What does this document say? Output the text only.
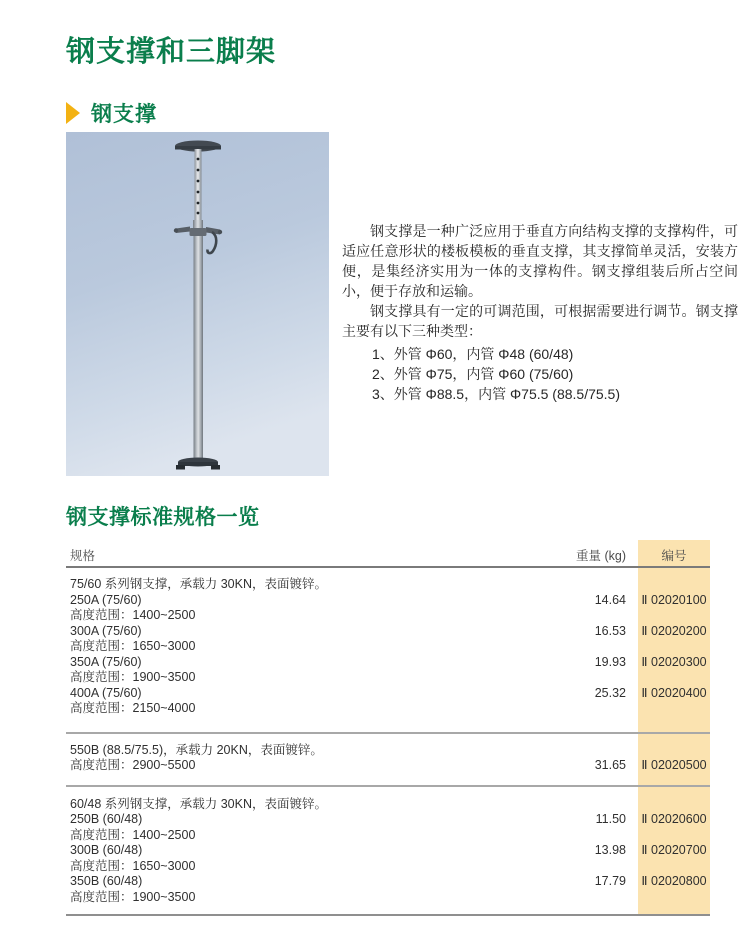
钢支撑和三脚架
钢支撑

钢支撑是一种广泛应用于垂直方向结构支撑的支撑构件，可适应任意形状的楼板模板的垂直支撑，其支撑简单灵活，安装方便，是集经济实用为一体的支撑构件。钢支撑组装后所占空间小，便于存放和运输。

钢支撑具有一定的可调范围，可根据需要进行调节。钢支撑主要有以下三种类型：

1、外管 Φ60，内管 Φ48 (60/48)
2、外管 Φ75，内管 Φ60 (75/60)
3、外管 Φ88.5，内管 Φ75.5 (88.5/75.5)
钢支撑标准规格一览
规格	重量 (kg)	编号
75/60 系列钢支撑，承载力 30KN，表面镀锌。
250A (75/60)	14.64	Ⅱ 02020100
高度范围：1400~2500
300A (75/60)	16.53	Ⅱ 02020200
高度范围：1650~3000
350A (75/60)	19.93	Ⅱ 02020300
高度范围：1900~3500
400A (75/60)	25.32	Ⅱ 02020400
高度范围：2150~4000
550B (88.5/75.5)，承载力 20KN，表面镀锌。
高度范围：2900~5500	31.65	Ⅱ 02020500
60/48 系列钢支撑，承载力 30KN，表面镀锌。
250B (60/48)	11.50	Ⅱ 02020600
高度范围：1400~2500
300B (60/48)	13.98	Ⅱ 02020700
高度范围：1650~3000
350B (60/48)	17.79	Ⅱ 02020800
高度范围：1900~3500
